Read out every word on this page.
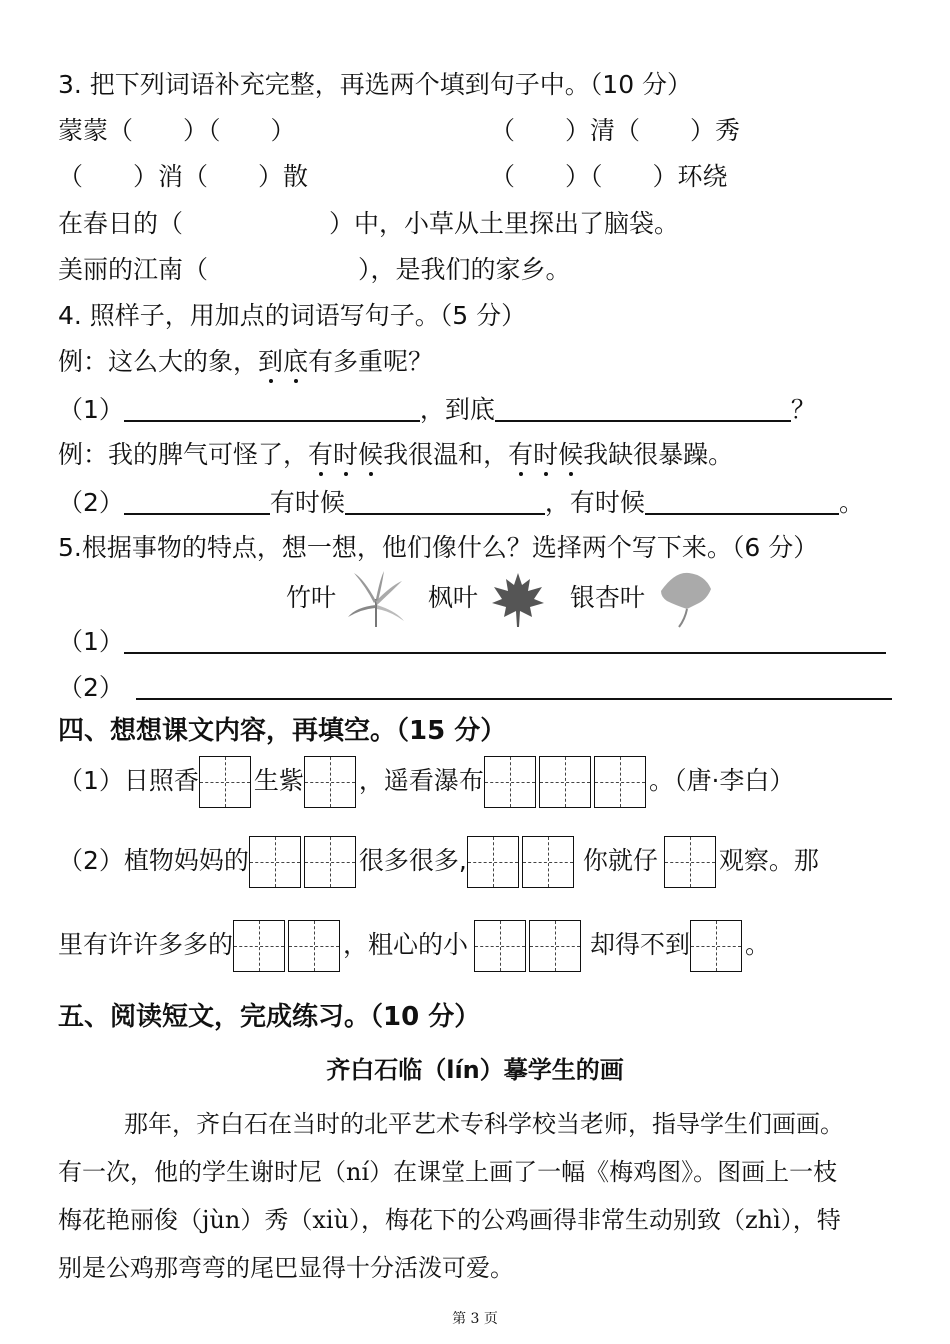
3. 把下列词语补充完整，再选两个填到句子中。（10 分）
蒙蒙（　　）（　　）	（　　）清（　　）秀
（　　）消（　　）散	（　　）（　　）环绕
在春日的（	）中，小草从土里探出了脑袋。
美丽的江南（	），是我们的家乡。
4. 照样子，用加点的词语写句子。（5 分）
例：这么大的象，到底有多重呢？
（1）	，到底	？
例：我的脾气可怪了，有时候我很温和，有时候我缺很暴躁。
（2）	有时候	，有时候	。
5.根据事物的特点，想一想，他们像什么？选择两个写下来。（6 分）
竹叶	枫叶	银杏叶
（1）
（2）
四、想想课文内容，再填空。（15 分）
（1）日照香 生紫 ，遥看瀑布	。（唐·李白）
（2）植物妈妈的	很多很多,	你就仔 观察。那
里有许许多多的	，粗心的小	却得不到 。
五、阅读短文，完成练习。（10 分）
齐白石临（lín）摹学生的画
那年，齐白石在当时的北平艺术专科学校当老师，指导学生们画画。
有一次，他的学生谢时尼（ní）在课堂上画了一幅《梅鸡图》。图画上一枝
梅花艳丽俊（jùn）秀（xiù），梅花下的公鸡画得非常生动别致（zhì），特
别是公鸡那弯弯的尾巴显得十分活泼可爱。
第 3 页
